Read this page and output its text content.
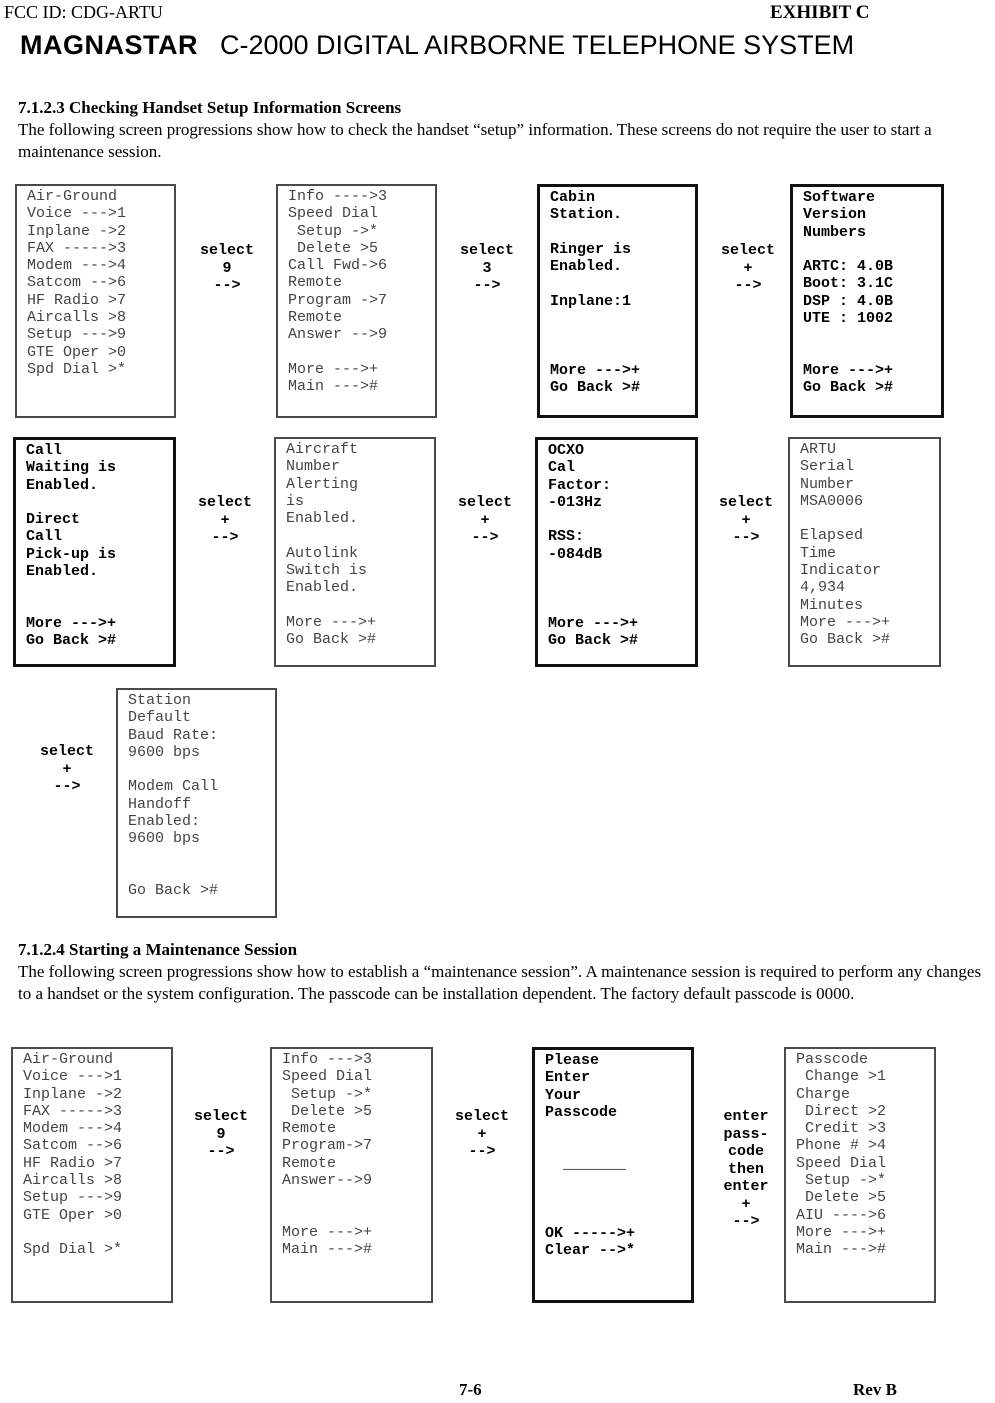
FCC ID: CDG-ARTU	EXHIBIT C
MAGNASTAR C-2000 DIGITAL AIRBORNE TELEPHONE SYSTEM
7.1.2.3 Checking Handset Setup Information Screens
The following screen progressions show how to check the handset “setup” information. These screens do not require the user to start a maintenance session.
Air-Ground
Voice --->1
Inplane ->2
FAX ----->3
Modem --->4
Satcom -->6
HF Radio >7
Aircalls >8
Setup --->9
GTE Oper >0
Spd Dial >*
select
9
-->
Info ---->3
Speed Dial
Setup ->*
Delete >5
Call Fwd->6
Remote
Program ->7
Remote
Answer -->9

More --->+
Main --->#
select
3
-->
Cabin
Station.

Ringer is
Enabled.

Inplane:1

More --->+
Go Back >#
select
+
-->
Software
Version
Numbers

ARTC: 4.0B
Boot: 3.1C
DSP : 4.0B
UTE : 1002

More --->+
Go Back >#
Call
Waiting is
Enabled.

Direct
Call
Pick-up is
Enabled.

More --->+
Go Back >#
select
+
-->
Aircraft
Number
Alerting
is
Enabled.

Autolink
Switch is
Enabled.

More --->+
Go Back >#
select
+
-->
OCXO
Cal
Factor:
-013Hz

RSS:
-084dB

More --->+
Go Back >#
select
+
-->
ARTU
Serial
Number
MSA0006

Elapsed
Time
Indicator
4,934
Minutes
More --->+
Go Back >#
select
+
-->
Station
Default
Baud Rate:
9600 bps

Modem Call
Handoff
Enabled:
9600 bps

Go Back >#
7.1.2.4 Starting a Maintenance Session
The following screen progressions show how to establish a “maintenance session”. A maintenance session is required to perform any changes to a handset or the system configuration. The passcode can be installation dependent. The factory default passcode is 0000.
Air-Ground
Voice --->1
Inplane ->2
FAX ----->3
Modem --->4
Satcom -->6
HF Radio >7
Aircalls >8
Setup --->9
GTE Oper >0

Spd Dial >*
select
9
-->
Info --->3
Speed Dial
Setup ->*
Delete >5
Remote
Program->7
Remote
Answer-->9

More --->+
Main --->#
select
+
-->
Please
Enter
Your
Passcode

_______

OK ----->+
Clear -->*
enter
pass-
code
then
enter
+
-->
Passcode
Change >1
Charge
Direct >2
Credit >3
Phone # >4
Speed Dial
Setup ->*
Delete >5
AIU ---->6
More --->+
Main --->#
7-6	Rev B
